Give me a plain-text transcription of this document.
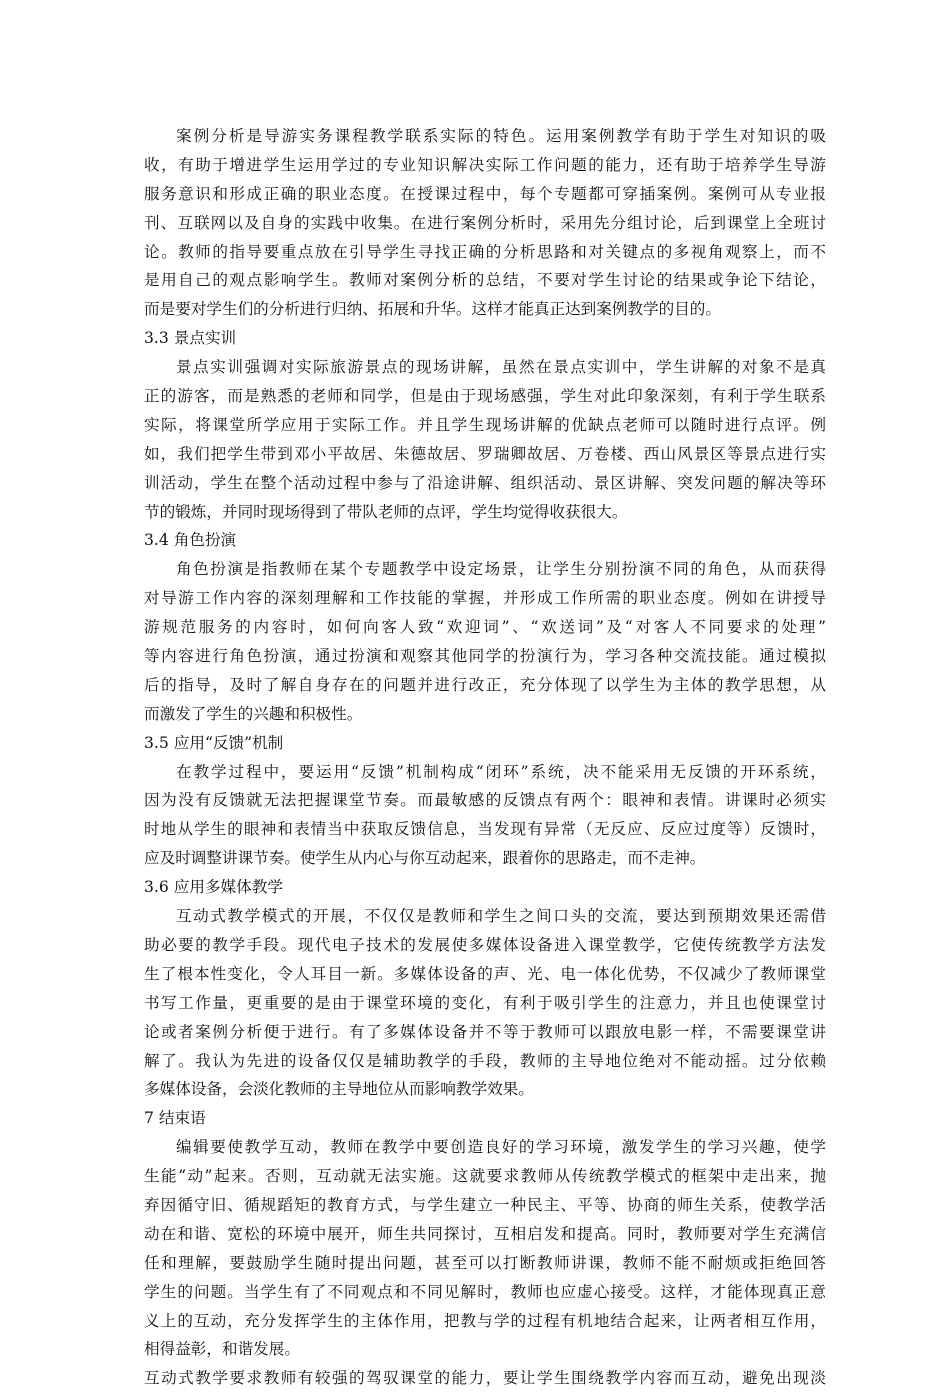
案例分析是导游实务课程教学联系实际的特色。运用案例教学有助于学生对知识的吸
收，有助于增进学生运用学过的专业知识解决实际工作问题的能力，还有助于培养学生导游
服务意识和形成正确的职业态度。在授课过程中，每个专题都可穿插案例。案例可从专业报
刊、互联网以及自身的实践中收集。在进行案例分析时，采用先分组讨论，后到课堂上全班讨
论。教师的指导要重点放在引导学生寻找正确的分析思路和对关键点的多视角观察上，而不
是用自己的观点影响学生。教师对案例分析的总结，不要对学生讨论的结果或争论下结论，
而是要对学生们的分析进行归纳、拓展和升华。这样才能真正达到案例教学的目的。
3.3 景点实训
景点实训强调对实际旅游景点的现场讲解，虽然在景点实训中，学生讲解的对象不是真
正的游客，而是熟悉的老师和同学，但是由于现场感强，学生对此印象深刻，有利于学生联系
实际，将课堂所学应用于实际工作。并且学生现场讲解的优缺点老师可以随时进行点评。例
如，我们把学生带到邓小平故居、朱德故居、罗瑞卿故居、万卷楼、西山风景区等景点进行实
训活动，学生在整个活动过程中参与了沿途讲解、组织活动、景区讲解、突发问题的解决等环
节的锻炼，并同时现场得到了带队老师的点评，学生均觉得收获很大。
3.4 角色扮演
角色扮演是指教师在某个专题教学中设定场景，让学生分别扮演不同的角色，从而获得
对导游工作内容的深刻理解和工作技能的掌握，并形成工作所需的职业态度。例如在讲授导
游规范服务的内容时，如何向客人致“欢迎词”、“欢送词”及“对客人不同要求的处理”
等内容进行角色扮演，通过扮演和观察其他同学的扮演行为，学习各种交流技能。通过模拟
后的指导，及时了解自身存在的问题并进行改正，充分体现了以学生为主体的教学思想，从
而激发了学生的兴趣和积极性。
3.5 应用“反馈”机制
在教学过程中，要运用“反馈”机制构成“闭环”系统，决不能采用无反馈的开环系统，
因为没有反馈就无法把握课堂节奏。而最敏感的反馈点有两个：眼神和表情。讲课时必须实
时地从学生的眼神和表情当中获取反馈信息，当发现有异常（无反应、反应过度等）反馈时，
应及时调整讲课节奏。使学生从内心与你互动起来，跟着你的思路走，而不走神。
3.6 应用多媒体教学
互动式教学模式的开展，不仅仅是教师和学生之间口头的交流，要达到预期效果还需借
助必要的教学手段。现代电子技术的发展使多媒体设备进入课堂教学，它使传统教学方法发
生了根本性变化，令人耳目一新。多媒体设备的声、光、电一体化优势，不仅减少了教师课堂
书写工作量，更重要的是由于课堂环境的变化，有利于吸引学生的注意力，并且也使课堂讨
论或者案例分析便于进行。有了多媒体设备并不等于教师可以跟放电影一样，不需要课堂讲
解了。我认为先进的设备仅仅是辅助教学的手段，教师的主导地位绝对不能动摇。过分依赖
多媒体设备，会淡化教师的主导地位从而影响教学效果。
7 结束语
编辑要使教学互动，教师在教学中要创造良好的学习环境，激发学生的学习兴趣，使学
生能“动”起来。否则，互动就无法实施。这就要求教师从传统教学模式的框架中走出来，抛
弃因循守旧、循规蹈矩的教育方式，与学生建立一种民主、平等、协商的师生关系，使教学活
动在和谐、宽松的环境中展开，师生共同探讨，互相启发和提高。同时，教师要对学生充满信
任和理解，要鼓励学生随时提出问题，甚至可以打断教师讲课，教师不能不耐烦或拒绝回答
学生的问题。当学生有了不同观点和不同见解时，教师也应虚心接受。这样，才能体现真正意
义上的互动，充分发挥学生的主体作用，把教与学的过程有机地结合起来，让两者相互作用，
相得益彰，和谐发展。
互动式教学要求教师有较强的驾驭课堂的能力，要让学生围绕教学内容而互动，避免出现淡
